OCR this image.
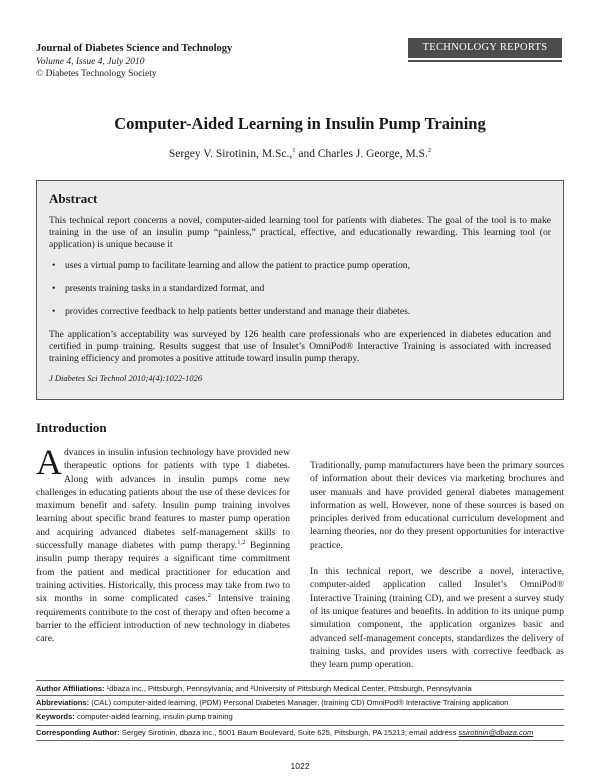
Journal of Diabetes Science and Technology
Volume 4, Issue 4, July 2010
© Diabetes Technology Society
TECHNOLOGY REPORTS
Computer-Aided Learning in Insulin Pump Training
Sergey V. Sirotinin, M.Sc.,$^1$ and Charles J. George, M.S.$^2$
Abstract

This technical report concerns a novel, computer-aided learning tool for patients with diabetes. The goal of the tool is to make training in the use of an insulin pump “painless,” practical, effective, and educationally rewarding. This learning tool (or application) is unique because it

• uses a virtual pump to facilitate learning and allow the patient to practice pump operation,
• presents training tasks in a standardized format, and
• provides corrective feedback to help patients better understand and manage their diabetes.

The application’s acceptability was surveyed by 126 health care professionals who are experienced in diabetes education and certified in pump training. Results suggest that use of Insulet’s OmniPod® Interactive Training is associated with increased training efficiency and promotes a positive attitude toward insulin pump therapy.

J Diabetes Sci Technol 2010;4(4):1022-1026
Introduction

Advances in insulin infusion technology have provided new therapeutic options for patients with type 1 diabetes. Along with advances in insulin pumps come new challenges in educating patients about the use of these devices for maximum benefit and safety. Insulin pump training involves learning about specific brand features to master pump operation and acquiring advanced diabetes self-management skills to successfully manage diabetes with pump therapy.$^{1,2}$ Beginning insulin pump therapy requires a significant time commitment from the patient and medical practitioner for education and training activities. Historically, this process may take from two to six months in some complicated cases.$^2$ Intensive training requirements contribute to the cost of therapy and often become a barrier to the efficient introduction of new technology in diabetes care.

Traditionally, pump manufacturers have been the primary sources of information about their devices via marketing brochures and user manuals and have provided general diabetes management information as well. However, none of these sources is based on principles derived from educational curriculum development and learning theories, nor do they present opportunities for interactive practice.

In this technical report, we describe a novel, interactive, computer-aided application called Insulet’s OmniPod® Interactive Training (training CD), and we present a survey study of its unique features and benefits. In addition to its unique pump simulation component, the application organizes basic and advanced self-management concepts, standardizes the delivery of training tasks, and provides users with corrective feedback as they learn pump operation.

Author Affiliations: ¹dbaza inc., Pittsburgh, Pennsylvania; and ²University of Pittsburgh Medical Center, Pittsburgh, Pennsylvania
Abbreviations: (CAL) computer-aided learning, (PDM) Personal Diabetes Manager, (training CD) OmniPod® Interactive Training application
Keywords: computer-aided learning, insulin pump training
Corresponding Author: Sergey Sirotinin, dbaza inc., 5001 Baum Boulevard, Suite 625, Pittsburgh, PA 15213; email address ssirotinin@dbaza.com
1022
